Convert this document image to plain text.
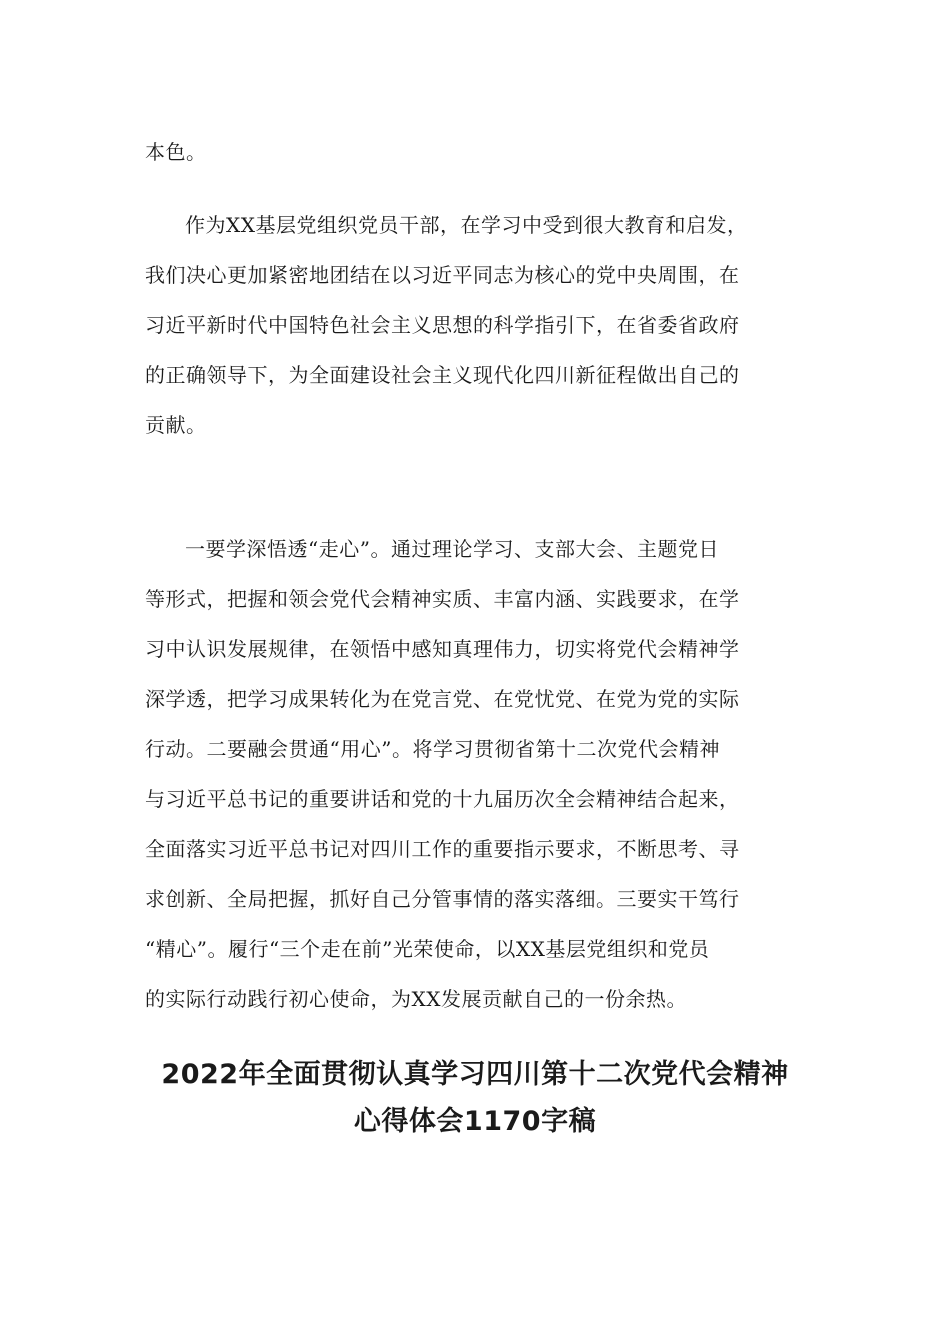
本色。
作为XX基层党组织党员干部，在学习中受到很大教育和启发，
我们决心更加紧密地团结在以习近平同志为核心的党中央周围，在
习近平新时代中国特色社会主义思想的科学指引下，在省委省政府
的正确领导下，为全面建设社会主义现代化四川新征程做出自己的
贡献。
一要学深悟透“走心”。通过理论学习、支部大会、主题党日
等形式，把握和领会党代会精神实质、丰富内涵、实践要求，在学
习中认识发展规律，在领悟中感知真理伟力，切实将党代会精神学
深学透，把学习成果转化为在党言党、在党忧党、在党为党的实际
行动。二要融会贯通“用心”。将学习贯彻省第十二次党代会精神
与习近平总书记的重要讲话和党的十九届历次全会精神结合起来，
全面落实习近平总书记对四川工作的重要指示要求，不断思考、寻
求创新、全局把握，抓好自己分管事情的落实落细。三要实干笃行
“精心”。履行“三个走在前”光荣使命，以XX基层党组织和党员
的实际行动践行初心使命，为XX发展贡献自己的一份余热。
2022年全面贯彻认真学习四川第十二次党代会精神
心得体会1170字稿
